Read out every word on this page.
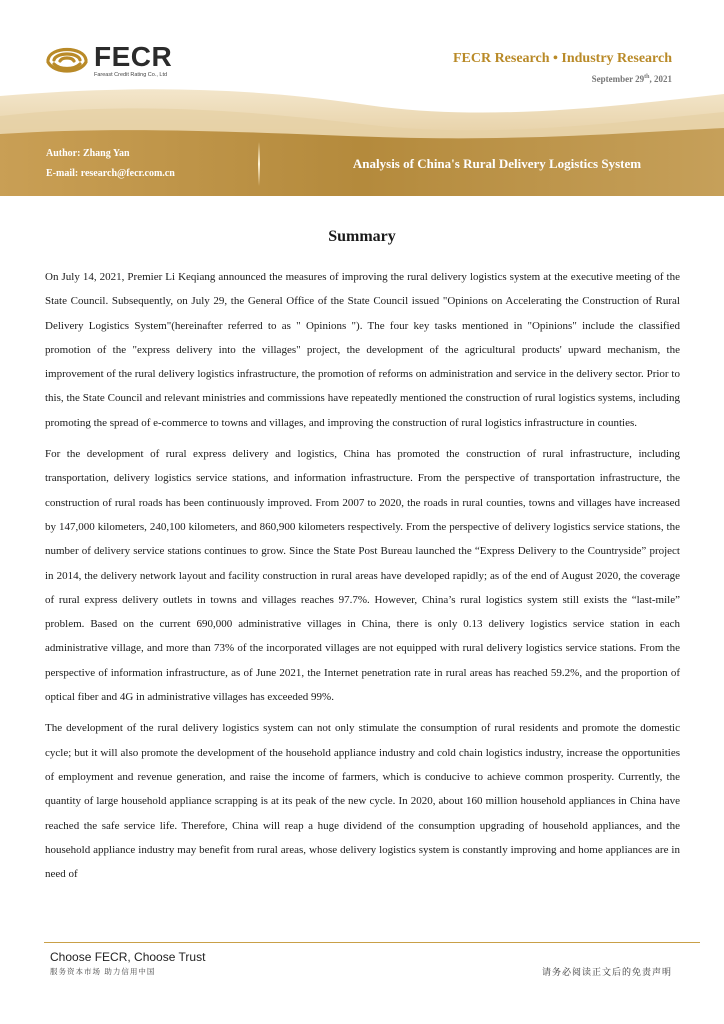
FECR
Fareast Credit Rating Co., Ltd
FECR Research • Industry Research
September 29th, 2021
Author: Zhang Yan
E-mail: research@fecr.com.cn
Analysis of China's Rural Delivery Logistics System
Summary

On July 14, 2021, Premier Li Keqiang announced the measures of improving the rural delivery logistics system at the executive meeting of the State Council. Subsequently, on July 29, the General Office of the State Council issued "Opinions on Accelerating the Construction of Rural Delivery Logistics System"(hereinafter referred to as " Opinions "). The four key tasks mentioned in "Opinions" include the classified promotion of the "express delivery into the villages" project, the development of the agricultural products' upward mechanism, the improvement of the rural delivery logistics infrastructure, the promotion of reforms on administration and service in the delivery sector. Prior to this, the State Council and relevant ministries and commissions have repeatedly mentioned the construction of rural logistics systems, including promoting the spread of e-commerce to towns and villages, and improving the construction of rural logistics infrastructure in counties.

For the development of rural express delivery and logistics, China has promoted the construction of rural infrastructure, including transportation, delivery logistics service stations, and information infrastructure. From the perspective of transportation infrastructure, the construction of rural roads has been continuously improved. From 2007 to 2020, the roads in rural counties, towns and villages have increased by 147,000 kilometers, 240,100 kilometers, and 860,900 kilometers respectively. From the perspective of delivery logistics service stations, the number of delivery service stations continues to grow. Since the State Post Bureau launched the “Express Delivery to the Countryside” project in 2014, the delivery network layout and facility construction in rural areas have developed rapidly; as of the end of August 2020, the coverage of rural express delivery outlets in towns and villages reaches 97.7%. However, China’s rural logistics system still exists the “last-mile” problem. Based on the current 690,000 administrative villages in China, there is only 0.13 delivery logistics service station in each administrative village, and more than 73% of the incorporated villages are not equipped with rural delivery logistics service stations. From the perspective of information infrastructure, as of June 2021, the Internet penetration rate in rural areas has reached 59.2%, and the proportion of optical fiber and 4G in administrative villages has exceeded 99%.

The development of the rural delivery logistics system can not only stimulate the consumption of rural residents and promote the domestic cycle; but it will also promote the development of the household appliance industry and cold chain logistics industry, increase the opportunities of employment and revenue generation, and raise the income of farmers, which is conducive to achieve common prosperity. Currently, the quantity of large household appliance scrapping is at its peak of the new cycle. In 2020, about 160 million household appliances in China have reached the safe service life. Therefore, China will reap a huge dividend of the consumption upgrading of household appliances, and the household appliance industry may benefit from rural areas, whose delivery logistics system is constantly improving and home appliances are in need of

Choose FECR, Choose Trust
服务资本市场 助力信用中国	请务必阅读正文后的免责声明
